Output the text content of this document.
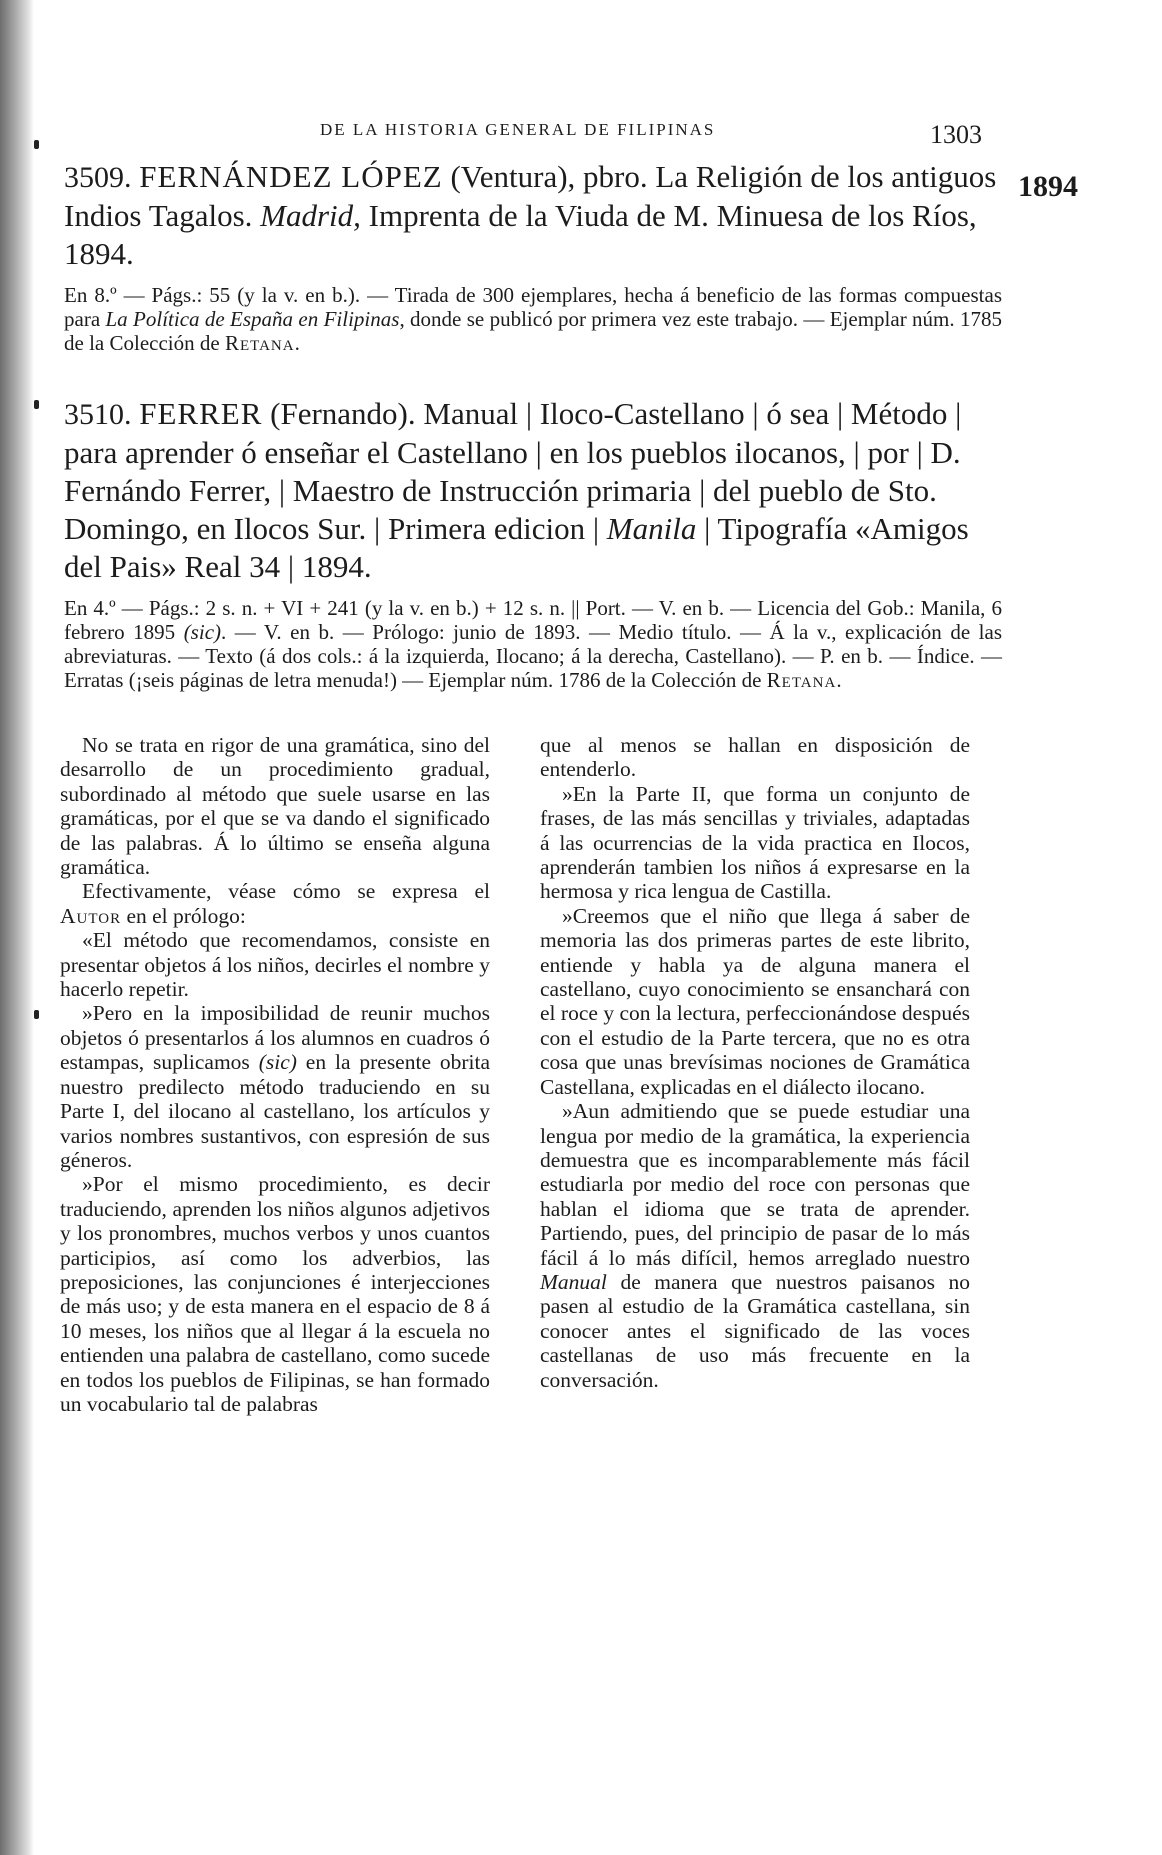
DE LA HISTORIA GENERAL DE FILIPINAS	1303
1894

3509. FERNÁNDEZ LÓPEZ (Ventura), pbro. La Religión de los antiguos Indios Tagalos. Madrid, Imprenta de la Viuda de M. Minuesa de los Ríos, 1894.

En 8.º — Págs.: 55 (y la v. en b.). — Tirada de 300 ejemplares, hecha á beneficio de las formas compuestas para La Política de España en Filipinas, donde se publicó por primera vez este trabajo. — Ejemplar núm. 1785 de la Colección de Retana.

3510. FERRER (Fernando). Manual | Iloco-Castellano | ó sea | Método | para aprender ó enseñar el Castellano | en los pueblos ilocanos, | por | D. Fernándo Ferrer, | Maestro de Instrucción primaria | del pueblo de Sto. Domingo, en Ilocos Sur. | Primera edicion | Manila | Tipografía «Amigos del Pais» Real 34 | 1894.

En 4.º — Págs.: 2 s. n. + VI + 241 (y la v. en b.) + 12 s. n. || Port. — V. en b. — Licencia del Gob.: Manila, 6 febrero 1895 (sic). — V. en b. — Prólogo: junio de 1893. — Medio título. — Á la v., explicación de las abreviaturas. — Texto (á dos cols.: á la izquierda, Ilocano; á la derecha, Castellano). — P. en b. — Índice. — Erratas (¡seis páginas de letra menuda!) — Ejemplar núm. 1786 de la Colección de Retana.

No se trata en rigor de una gramática, sino del desarrollo de un procedimiento gradual, subordinado al método que suele usarse en las gramáticas, por el que se va dando el significado de las palabras. Á lo último se enseña alguna gramática.

Efectivamente, véase cómo se expresa el Autor en el prólogo:

«El método que recomendamos, consiste en presentar objetos á los niños, decirles el nombre y hacerlo repetir.

»Pero en la imposibilidad de reunir muchos objetos ó presentarlos á los alumnos en cuadros ó estampas, suplicamos (sic) en la presente obrita nuestro predilecto método traduciendo en su Parte I, del ilocano al castellano, los artículos y varios nombres sustantivos, con espresión de sus géneros.

»Por el mismo procedimiento, es decir traduciendo, aprenden los niños algunos adjetivos y los pronombres, muchos verbos y unos cuantos participios, así como los adverbios, las preposiciones, las conjunciones é interjecciones de más uso; y de esta manera en el espacio de 8 á 10 meses, los niños que al llegar á la escuela no entienden una palabra de castellano, como sucede en todos los pueblos de Filipinas, se han formado un vocabulario tal de palabras

que al menos se hallan en disposición de entenderlo.

»En la Parte II, que forma un conjunto de frases, de las más sencillas y triviales, adaptadas á las ocurrencias de la vida practica en Ilocos, aprenderán tambien los niños á expresarse en la hermosa y rica lengua de Castilla.

»Creemos que el niño que llega á saber de memoria las dos primeras partes de este librito, entiende y habla ya de alguna manera el castellano, cuyo conocimiento se ensanchará con el roce y con la lectura, perfeccionándose después con el estudio de la Parte tercera, que no es otra cosa que unas brevísimas nociones de Gramática Castellana, explicadas en el diálecto ilocano.

»Aun admitiendo que se puede estudiar una lengua por medio de la gramática, la experiencia demuestra que es incomparablemente más fácil estudiarla por medio del roce con personas que hablan el idioma que se trata de aprender. Partiendo, pues, del principio de pasar de lo más fácil á lo más difícil, hemos arreglado nuestro Manual de manera que nuestros paisanos no pasen al estudio de la Gramática castellana, sin conocer antes el significado de las voces castellanas de uso más frecuente en la conversación.
